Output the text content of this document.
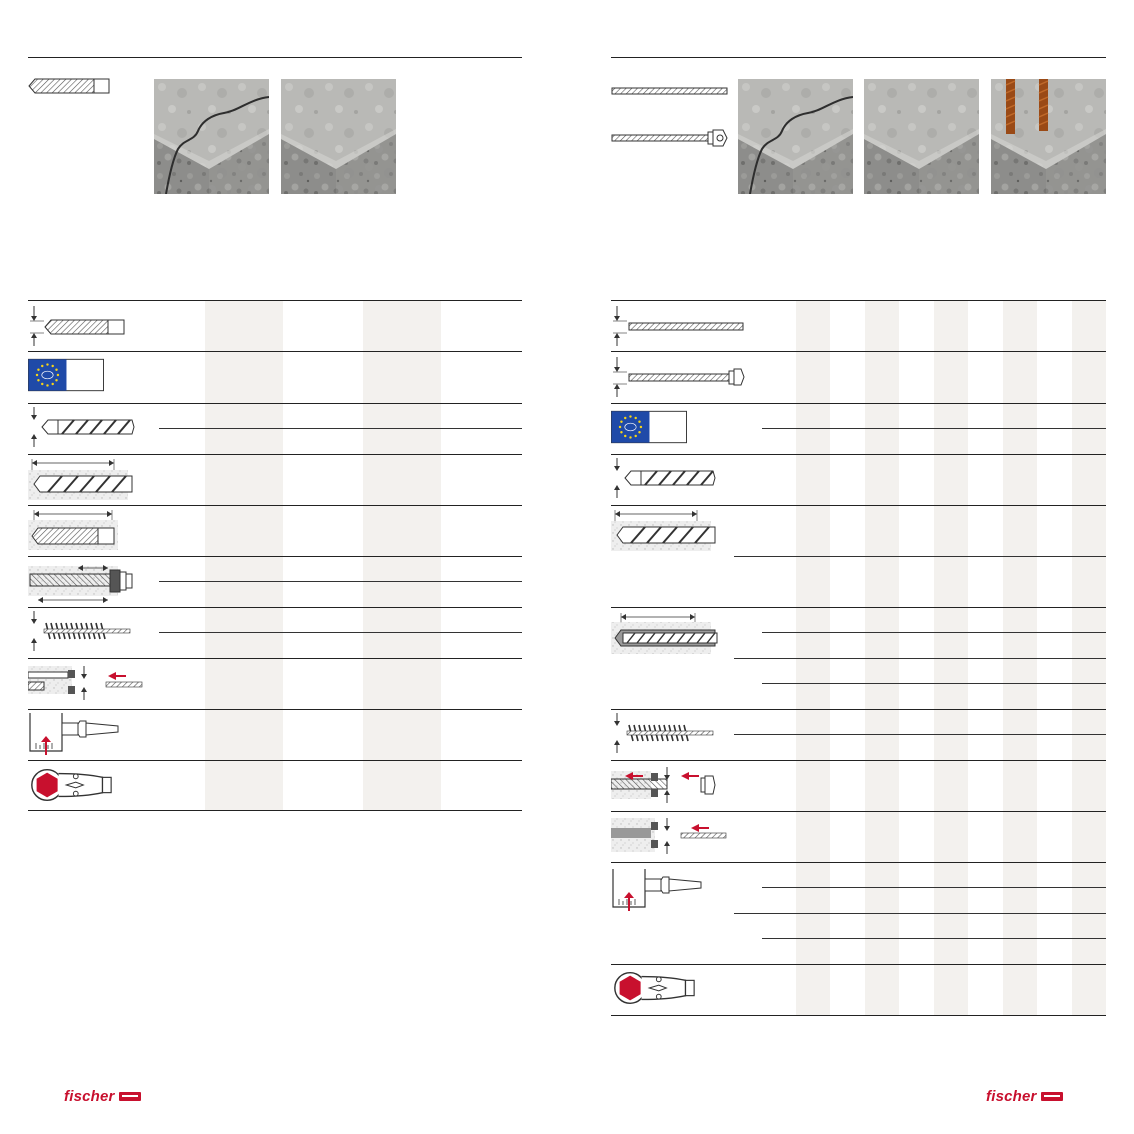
fischer	fischer
